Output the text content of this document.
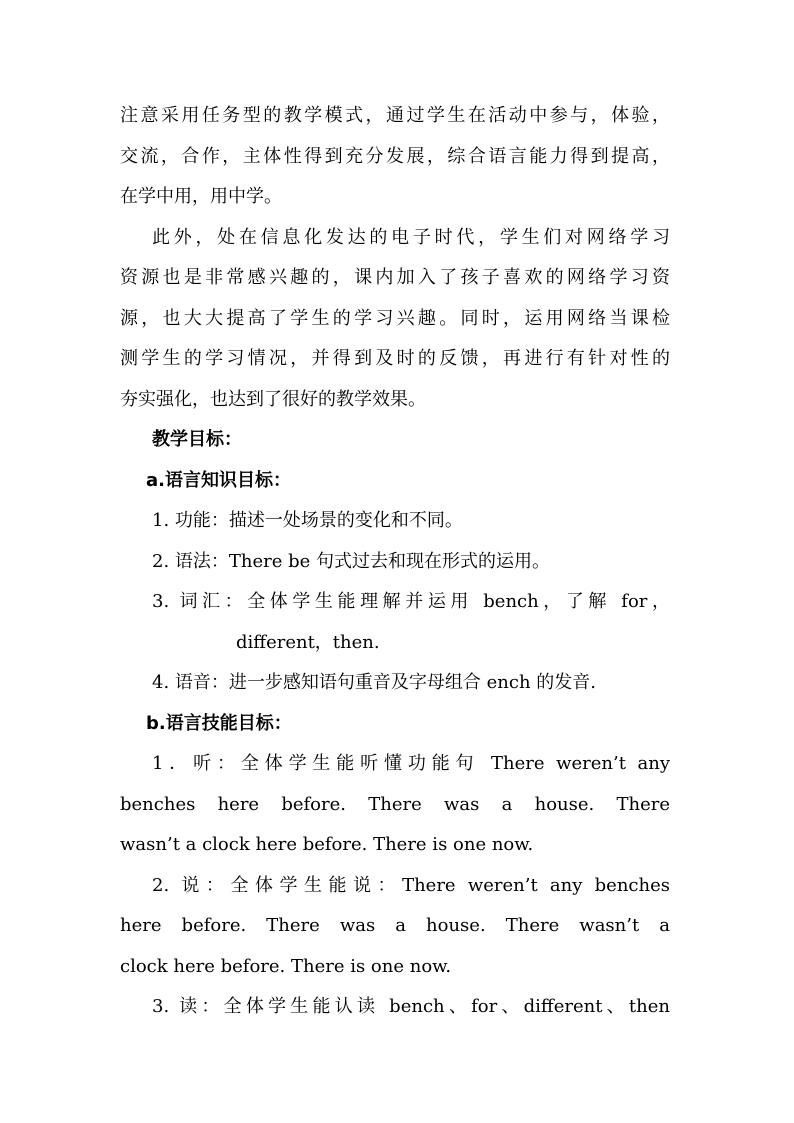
注意采用任务型的教学模式，通过学生在活动中参与，体验，
交流，合作，主体性得到充分发展，综合语言能力得到提高，
在学中用，用中学。
此外，处在信息化发达的电子时代，学生们对网络学习
资源也是非常感兴趣的，课内加入了孩子喜欢的网络学习资
源，也大大提高了学生的学习兴趣。同时，运用网络当课检
测学生的学习情况，并得到及时的反馈，再进行有针对性的
夯实强化，也达到了很好的教学效果。
教学目标：
a.语言知识目标：
1. 功能：描述一处场景的变化和不同。
2. 语法：There be 句式过去和现在形式的运用。
3. 词汇：全体学生能理解并运用 bench，了解 for，
different，then.
4. 语音：进一步感知语句重音及字母组合 ench 的发音.
b.语言技能目标：
1．听：全体学生能听懂功能句 There weren’t any
benches here before. There was a house. There
wasn’t a clock here before. There is one now.
2. 说：全体学生能说：There weren’t any benches
here before. There was a house. There wasn’t a
clock here before. There is one now.
3. 读：全体学生能认读 bench、for、different、then
